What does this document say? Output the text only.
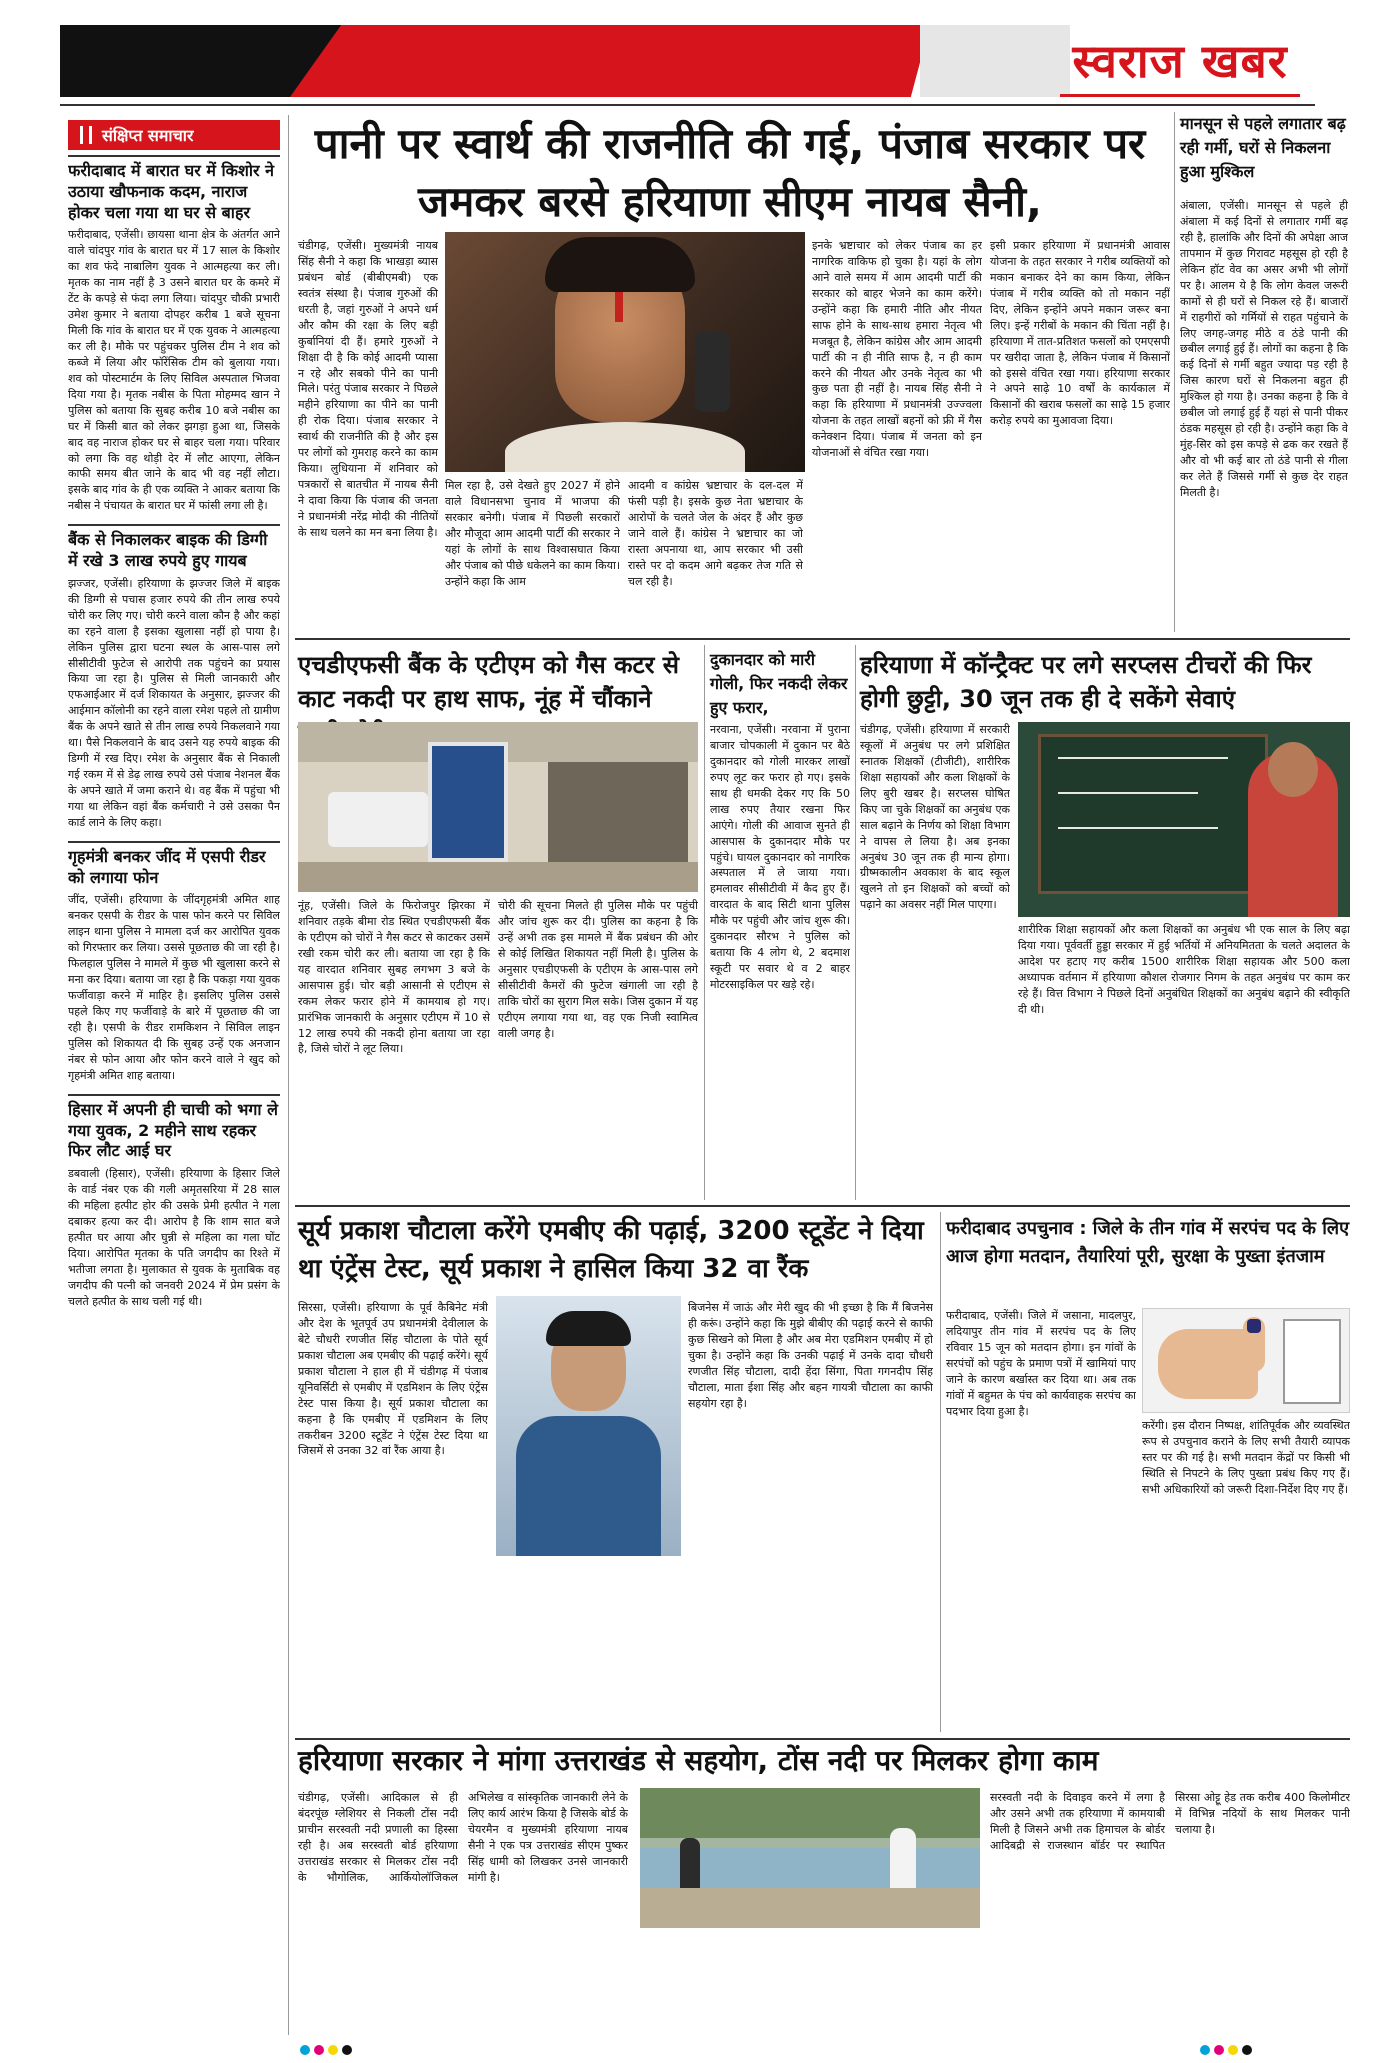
स्वराज खबर
संक्षिप्त समाचार
फरीदाबाद में बारात घर में किशोर ने उठाया खौफनाक कदम, नाराज होकर चला गया था घर से बाहर

फरीदाबाद, एजेंसी। छायसा थाना क्षेत्र के अंतर्गत आने वाले चांदपुर गांव के बारात घर में 17 साल के किशोर का शव फंदे नाबालिग युवक ने आत्महत्या कर ली। मृतक का नाम नहीं है 3 उसने बारात घर के कमरे में टेंट के कपड़े से फंदा लगा लिया। चांदपुर चौकी प्रभारी उमेश कुमार ने बताया दोपहर करीब 1 बजे सूचना मिली कि गांव के बारात घर में एक युवक ने आत्महत्या कर ली है। मौके पर पहुंचकर पुलिस टीम ने शव को कब्जे में लिया और फॉरेंसिक टीम को बुलाया गया। शव को पोस्टमार्टम के लिए सिविल अस्पताल भिजवा दिया गया है। मृतक नबीस के पिता मोहम्मद खान ने पुलिस को बताया कि सुबह करीब 10 बजे नबीस का घर में किसी बात को लेकर झगड़ा हुआ था, जिसके बाद वह नाराज होकर घर से बाहर चला गया। परिवार को लगा कि वह थोड़ी देर में लौट आएगा, लेकिन काफी समय बीत जाने के बाद भी वह नहीं लौटा। इसके बाद गांव के ही एक व्यक्ति ने आकर बताया कि नबीस ने पंचायत के बारात घर में फांसी लगा ली है।

बैंक से निकालकर बाइक की डिग्गी में रखे 3 लाख रुपये हुए गायब

झज्जर, एजेंसी। हरियाणा के झज्जर जिले में बाइक की डिग्गी से पचास हजार रुपये की तीन लाख रुपये चोरी कर लिए गए। चोरी करने वाला कौन है और कहां का रहने वाला है इसका खुलासा नहीं हो पाया है। लेकिन पुलिस द्वारा घटना स्थल के आस-पास लगे सीसीटीवी फुटेज से आरोपी तक पहुंचने का प्रयास किया जा रहा है। पुलिस से मिली जानकारी और एफआईआर में दर्ज शिकायत के अनुसार, झज्जर की आईमान कॉलोनी का रहने वाला रमेश पहले तो ग्रामीण बैंक के अपने खाते से तीन लाख रुपये निकलवाने गया था। पैसे निकलवाने के बाद उसने यह रुपये बाइक की डिग्गी में रख दिए। रमेश के अनुसार बैंक से निकाली गई रकम में से डेढ़ लाख रुपये उसे पंजाब नेशनल बैंक के अपने खाते में जमा कराने थे। वह बैंक में पहुंचा भी गया था लेकिन वहां बैंक कर्मचारी ने उसे उसका पैन कार्ड लाने के लिए कहा।

गृहमंत्री बनकर जींद में एसपी रीडर को लगाया फोन

जींद, एजेंसी। हरियाणा के जींदगृहमंत्री अमित शाह बनकर एसपी के रीडर के पास फोन करने पर सिविल लाइन थाना पुलिस ने मामला दर्ज कर आरोपित युवक को गिरफ्तार कर लिया। उससे पूछताछ की जा रही है। फिलहाल पुलिस ने मामले में कुछ भी खुलासा करने से मना कर दिया। बताया जा रहा है कि पकड़ा गया युवक फर्जीवाड़ा करने में माहिर है। इसलिए पुलिस उससे पहले किए गए फर्जीवाड़े के बारे में पूछताछ की जा रही है। एसपी के रीडर रामकिशन ने सिविल लाइन पुलिस को शिकायत दी कि सुबह उन्हें एक अनजान नंबर से फोन आया और फोन करने वाले ने खुद को गृहमंत्री अमित शाह बताया।

हिसार में अपनी ही चाची को भगा ले गया युवक, 2 महीने साथ रहकर फिर लौट आई घर

डबवाली (हिसार), एजेंसी। हरियाणा के हिसार जिले के वार्ड नंबर एक की गली अमृतसरिया में 28 साल की महिला हत्पीट होर की उसके प्रेमी हत्पीत ने गला दबाकर हत्या कर दी। आरोप है कि शाम सात बजे हत्पीत घर आया और घुन्नी से महिला का गला घोंट दिया। आरोपित मृतका के पति जगदीप का रिश्ते में भतीजा लगता है। मुलाकात से युवक के मुताबिक वह जगदीप की पत्नी को जनवरी 2024 में प्रेम प्रसंग के चलते हत्पीत के साथ चली गई थी।

पानी पर स्वार्थ की राजनीति की गई, पंजाब सरकार पर जमकर बरसे हरियाणा सीएम नायब सैनी,
चंडीगढ़, एजेंसी। मुख्यमंत्री नायब सिंह सैनी ने कहा कि भाखड़ा ब्यास प्रबंधन बोर्ड (बीबीएमबी) एक स्वतंत्र संस्था है। पंजाब गुरुओं की धरती है, जहां गुरुओं ने अपने धर्म और कौम की रक्षा के लिए बड़ी कुर्बानियां दी हैं। हमारे गुरुओं ने शिक्षा दी है कि कोई आदमी प्यासा न रहे और सबको पीने का पानी मिले। परंतु पंजाब सरकार ने पिछले महीने हरियाणा का पीने का पानी ही रोक दिया। पंजाब सरकार ने स्वार्थ की राजनीति की है और इस पर लोगों को गुमराह करने का काम किया। लुधियाना में शनिवार को पत्रकारों से बातचीत में नायब सैनी ने दावा किया कि पंजाब की जनता ने प्रधानमंत्री नरेंद्र मोदी की नीतियों के साथ चलने का मन बना लिया है।
मिल रहा है, उसे देखते हुए 2027 में होने वाले विधानसभा चुनाव में भाजपा की सरकार बनेगी। पंजाब में पिछली सरकारों और मौजूदा आम आदमी पार्टी की सरकार ने यहां के लोगों के साथ विश्वासघात किया और पंजाब को पीछे धकेलने का काम किया। उन्होंने कहा कि आम
आदमी व कांग्रेस भ्रष्टाचार के दल-दल में फंसी पड़ी है। इसके कुछ नेता भ्रष्टाचार के आरोपों के चलते जेल के अंदर हैं और कुछ जाने वाले हैं। कांग्रेस ने भ्रष्टाचार का जो रास्ता अपनाया था, आप सरकार भी उसी रास्ते पर दो कदम आगे बढ़कर तेज गति से चल रही है।
इनके भ्रष्टाचार को लेकर पंजाब का हर नागरिक वाकिफ हो चुका है। यहां के लोग आने वाले समय में आम आदमी पार्टी की सरकार को बाहर भेजने का काम करेंगे। उन्होंने कहा कि हमारी नीति और नीयत साफ होने के साथ-साथ हमारा नेतृत्व भी मजबूत है, लेकिन कांग्रेस और आम आदमी पार्टी की न ही नीति साफ है, न ही काम करने की नीयत और उनके नेतृत्व का भी कुछ पता ही नहीं है। नायब सिंह सैनी ने कहा कि हरियाणा में प्रधानमंत्री उज्ज्वला योजना के तहत लाखों बहनों को फ्री में गैस कनेक्शन दिया। पंजाब में जनता को इन योजनाओं से वंचित रखा गया।
इसी प्रकार हरियाणा में प्रधानमंत्री आवास योजना के तहत सरकार ने गरीब व्यक्तियों को मकान बनाकर देने का काम किया, लेकिन पंजाब में गरीब व्यक्ति को तो मकान नहीं दिए, लेकिन इन्होंने अपने मकान जरूर बना लिए। इन्हें गरीबों के मकान की चिंता नहीं है। हरियाणा में तात-प्रतिशत फसलों को एमएसपी पर खरीदा जाता है, लेकिन पंजाब में किसानों को इससे वंचित रखा गया। हरियाणा सरकार ने अपने साढ़े 10 वर्षों के कार्यकाल में किसानों की खराब फसलों का साढ़े 15 हजार करोड़ रुपये का मुआवजा दिया।
मानसून से पहले लगातार बढ़ रही गर्मी, घरों से निकलना हुआ मुश्किल
अंबाला, एजेंसी। मानसून से पहले ही अंबाला में कई दिनों से लगातार गर्मी बढ़ रही है, हालांकि और दिनों की अपेक्षा आज तापमान में कुछ गिरावट महसूस हो रही है लेकिन हॉट वेव का असर अभी भी लोगों पर है। आलम ये है कि लोग केवल जरूरी कामों से ही घरों से निकल रहे हैं। बाजारों में राहगीरों को गर्मियों से राहत पहुंचाने के लिए जगह-जगह मीठे व ठंडे पानी की छबील लगाई हुई हैं। लोगों का कहना है कि कई दिनों से गर्मी बहुत ज्यादा पड़ रही है जिस कारण घरों से निकलना बहुत ही मुश्किल हो गया है। उनका कहना है कि वे छबील जो लगाई हुई हैं यहां से पानी पीकर ठंडक महसूस हो रही है। उन्होंने कहा कि वे मुंह-सिर को इस कपड़े से ढक कर रखते हैं और वो भी कई बार तो ठंडे पानी से गीला कर लेते हैं जिससे गर्मी से कुछ देर राहत मिलती है।
एचडीएफसी बैंक के एटीएम को गैस कटर से काट नकदी पर हाथ साफ, नूंह में चौंकाने
नूंह, एजेंसी। जिले के फिरोजपुर झिरका में शनिवार तड़के बीमा रोड स्थित एचडीएफसी बैंक के एटीएम को चोरों ने गैस कटर से काटकर उसमें रखी रकम चोरी कर ली। बताया जा रहा है कि यह वारदात शनिवार सुबह लगभग 3 बजे के आसपास हुई। चोर बड़ी आसानी से एटीएम से रकम लेकर फरार होने में कामयाब हो गए। प्रारंभिक जानकारी के अनुसार एटीएम में 10 से 12 लाख रुपये की नकदी होना बताया जा रहा है, जिसे चोरों ने लूट लिया।
चोरी की सूचना मिलते ही पुलिस मौके पर पहुंची और जांच शुरू कर दी। पुलिस का कहना है कि उन्हें अभी तक इस मामले में बैंक प्रबंधन की ओर से कोई लिखित शिकायत नहीं मिली है। पुलिस के अनुसार एचडीएफसी के एटीएम के आस-पास लगे सीसीटीवी कैमरों की फुटेज खंगाली जा रही है ताकि चोरों का सुराग मिल सके। जिस दुकान में यह एटीएम लगाया गया था, वह एक निजी स्वामित्व वाली जगह है।
दुकानदार को मारी गोली, फिर नकदी लेकर हुए फरार,
नरवाना, एजेंसी। नरवाना में पुराना बाजार चोपकाली में दुकान पर बैठे दुकानदार को गोली मारकर लाखों रुपए लूट कर फरार हो गए। इसके साथ ही धमकी देकर गए कि 50 लाख रुपए तैयार रखना फिर आएंगे। गोली की आवाज सुनते ही आसपास के दुकानदार मौके पर पहुंचे। घायल दुकानदार को नागरिक अस्पताल में ले जाया गया। हमलावर सीसीटीवी में कैद हुए हैं। वारदात के बाद सिटी थाना पुलिस मौके पर पहुंची और जांच शुरू की। दुकानदार सौरभ ने पुलिस को बताया कि 4 लोग थे, 2 बदमाश स्कूटी पर सवार थे व 2 बाहर मोटरसाइकिल पर खड़े रहे।
हरियाणा में कॉन्ट्रैक्ट पर लगे सरप्लस टीचरों की फिर होगी छुट्टी, 30 जून तक ही दे सकेंगे सेवाएं
चंडीगढ़, एजेंसी। हरियाणा में सरकारी स्कूलों में अनुबंध पर लगे प्रशिक्षित स्नातक शिक्षकों (टीजीटी), शारीरिक शिक्षा सहायकों और कला शिक्षकों के लिए बुरी खबर है। सरप्लस घोषित किए जा चुके शिक्षकों का अनुबंध एक साल बढ़ाने के निर्णय को शिक्षा विभाग ने वापस ले लिया है। अब इनका अनुबंध 30 जून तक ही मान्य होगा। ग्रीष्मकालीन अवकाश के बाद स्कूल खुलने तो इन शिक्षकों को बच्चों को पढ़ाने का अवसर नहीं मिल पाएगा।
शारीरिक शिक्षा सहायकों और कला शिक्षकों का अनुबंध भी एक साल के लिए बढ़ा दिया गया। पूर्ववर्ती हुड्डा सरकार में हुई भर्तियों में अनियमितता के चलते अदालत के आदेश पर हटाए गए करीब 1500 शारीरिक शिक्षा सहायक और 500 कला अध्यापक वर्तमान में हरियाणा कौशल रोजगार निगम के तहत अनुबंध पर काम कर रहे हैं। वित्त विभाग ने पिछले दिनों अनुबंधित शिक्षकों का अनुबंध बढ़ाने की स्वीकृति दी थी।
सूर्य प्रकाश चौटाला करेंगे एमबीए की पढ़ाई, 3200 स्टूडेंट ने दिया था एंट्रेंस टेस्ट, सूर्य प्रकाश ने हासिल किया 32 वा रैंक
सिरसा, एजेंसी। हरियाणा के पूर्व कैबिनेट मंत्री और देश के भूतपूर्व उप प्रधानमंत्री देवीलाल के बेटे चौधरी रणजीत सिंह चौटाला के पोते सूर्य प्रकाश चौटाला अब एमबीए की पढ़ाई करेंगे। सूर्य प्रकाश चौटाला ने हाल ही में चंडीगढ़ में पंजाब यूनिवर्सिटी से एमबीए में एडमिशन के लिए एंट्रेंस टेस्ट पास किया है। सूर्य प्रकाश चौटाला का कहना है कि एमबीए में एडमिशन के लिए तकरीबन 3200 स्टूडेंट ने एंट्रेंस टेस्ट दिया था जिसमें से उनका 32 वां रैंक आया है।
बिजनेस में जाऊं और मेरी खुद की भी इच्छा है कि मैं बिजनेस ही करूं। उन्होंने कहा कि मुझे बीबीए की पढ़ाई करने से काफी कुछ सिखने को मिला है और अब मेरा एडमिशन एमबीए में हो चुका है। उन्होंने कहा कि उनकी पढ़ाई में उनके दादा चौधरी रणजीत सिंह चौटाला, दादी हेंदा सिंगा, पिता गगनदीप सिंह चौटाला, माता ईशा सिंह और बहन गायत्री चौटाला का काफी सहयोग रहा है।
फरीदाबाद उपचुनाव : जिले के तीन गांव में सरपंच पद के लिए आज होगा मतदान, तैयारियां पूरी, सुरक्षा के पुख्ता इंतजाम
फरीदाबाद, एजेंसी। जिले में जसाना, मादलपुर, लदियापुर तीन गांव में सरपंच पद के लिए रविवार 15 जून को मतदान होगा। इन गांवों के सरपंचों को पहुंच के प्रमाण पत्रों में खामियां पाए जाने के कारण बर्खास्त कर दिया था। अब तक गांवों में बहुमत के पंच को कार्यवाहक सरपंच का पदभार दिया हुआ है।
करेंगी। इस दौरान निष्पक्ष, शांतिपूर्वक और व्यवस्थित रूप से उपचुनाव कराने के लिए सभी तैयारी व्यापक स्तर पर की गई है। सभी मतदान केंद्रों पर किसी भी स्थिति से निपटने के लिए पुख्ता प्रबंध किए गए हैं। सभी अधिकारियों को जरूरी दिशा-निर्देश दिए गए हैं।
हरियाणा सरकार ने मांगा उत्तराखंड से सहयोग, टोंस नदी पर मिलकर होगा काम
चंडीगढ़, एजेंसी। आदिकाल से ही बंदरपूंछ ग्लेशियर से निकली टोंस नदी प्राचीन सरस्वती नदी प्रणाली का हिस्सा रही है। अब सरस्वती बोर्ड हरियाणा उत्तराखंड सरकार से मिलकर टोंस नदी के भौगोलिक, आर्कियोलॉजिकल अभिलेख व सांस्कृतिक जानकारी लेने के लिए कार्य आरंभ किया है जिसके बोर्ड के चेयरमैन व मुख्यमंत्री हरियाणा नायब सैनी ने एक पत्र उत्तराखंड सीएम पुष्कर सिंह धामी को लिखकर उनसे जानकारी मांगी है।
सरस्वती नदी के दिवाइव करने में लगा है और उसने अभी तक हरियाणा में कामयाबी मिली है जिसने अभी तक हिमाचल के बोर्डर आदिबद्री से राजस्थान बॉर्डर पर स्थापित सिरसा ओट्टू हेड तक करीब 400 किलोमीटर में विभिन्न नदियों के साथ मिलकर पानी चलाया है।
